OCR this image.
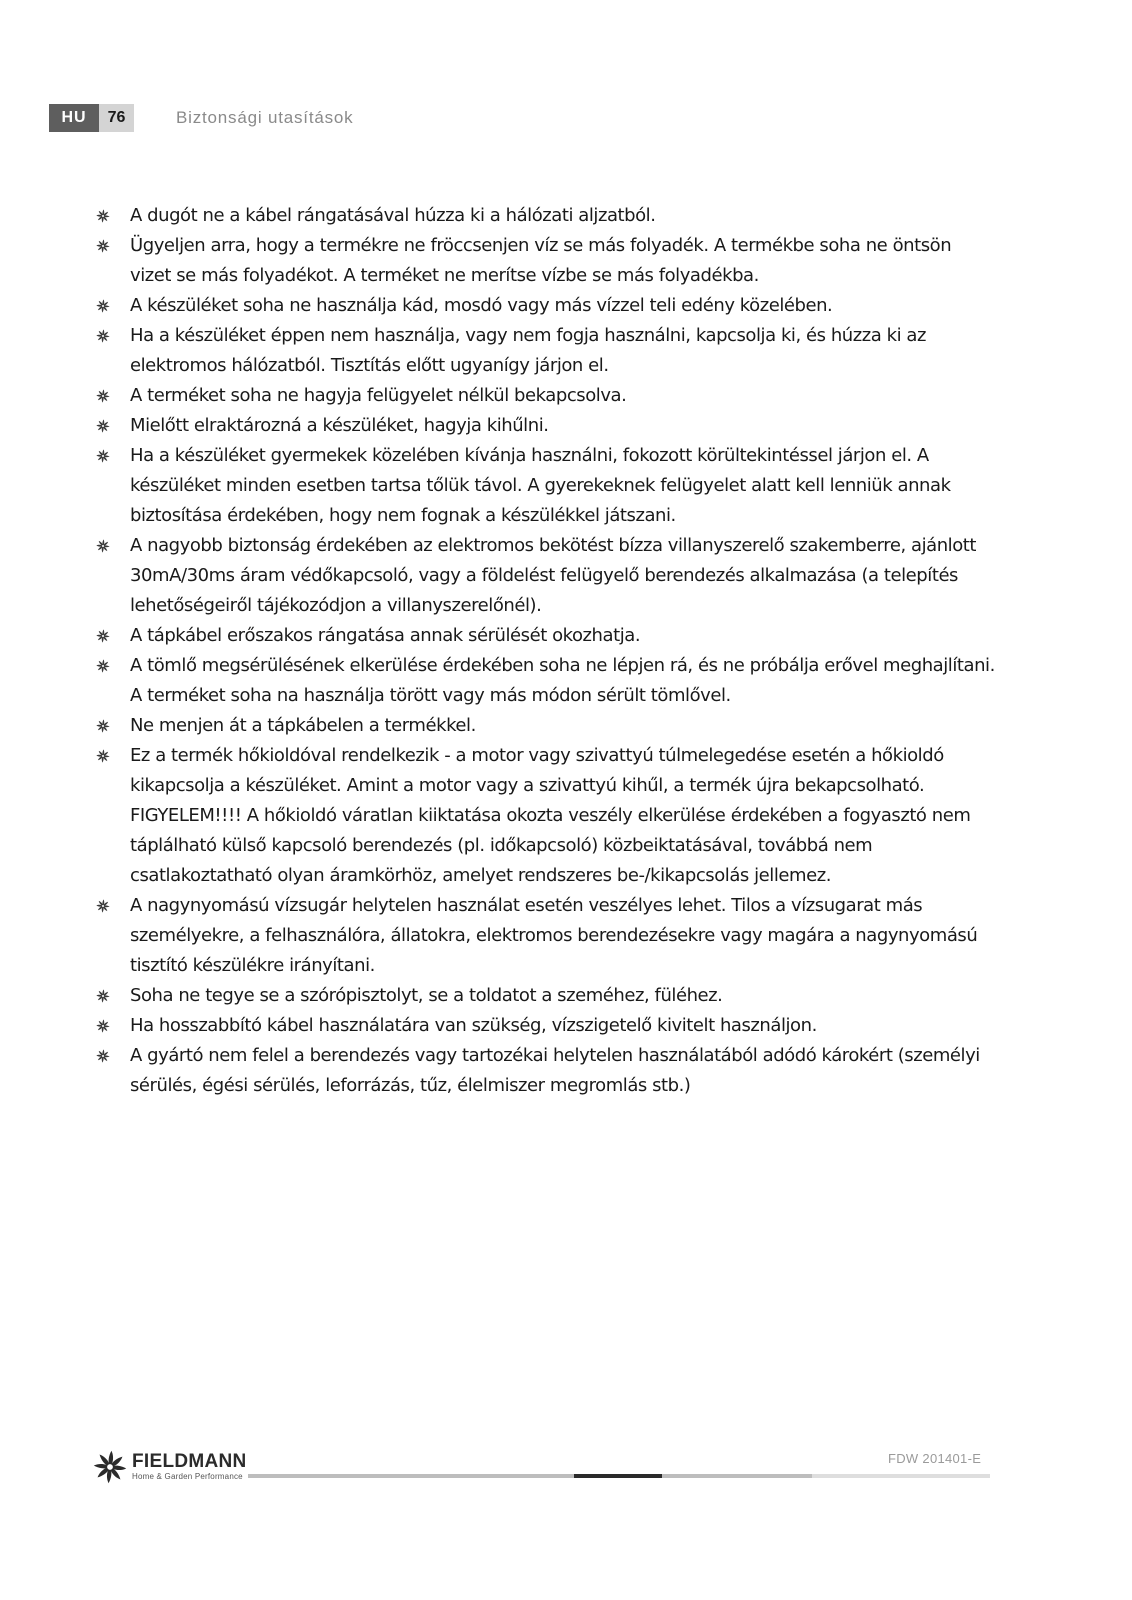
HU	76	Biztonsági utasítások
A dugót ne a kábel rángatásával húzza ki a hálózati aljzatból.
Ügyeljen arra, hogy a termékre ne fröccsenjen víz se más folyadék. A termékbe soha ne öntsön vizet se más folyadékot. A terméket ne merítse vízbe se más folyadékba.
A készüléket soha ne használja kád, mosdó vagy más vízzel teli edény közelében.
Ha a készüléket éppen nem használja, vagy nem fogja használni, kapcsolja ki, és húzza ki az elektromos hálózatból. Tisztítás előtt ugyanígy járjon el.
A terméket soha ne hagyja felügyelet nélkül bekapcsolva.
Mielőtt elraktározná a készüléket, hagyja kihűlni.
Ha a készüléket gyermekek közelében kívánja használni, fokozott körültekintéssel járjon el. A készüléket minden esetben tartsa tőlük távol. A gyerekeknek felügyelet alatt kell lenniük annak biztosítása érdekében, hogy nem fognak a készülékkel játszani.
A nagyobb biztonság érdekében az elektromos bekötést bízza villanyszerelő szakemberre, ajánlott 30mA/30ms áram védőkapcsoló, vagy a földelést felügyelő berendezés alkalmazása (a telepítés lehetőségeiről tájékozódjon a villanyszerelőnél).
A tápkábel erőszakos rángatása annak sérülését okozhatja.
A tömlő megsérülésének elkerülése érdekében soha ne lépjen rá, és ne próbálja erővel meghajlítani. A terméket soha na használja törött vagy más módon sérült tömlővel.
Ne menjen át a tápkábelen a termékkel.
Ez a termék hőkioldóval rendelkezik - a motor vagy szivattyú túlmelegedése esetén a hőkioldó kikapcsolja a készüléket. Amint a motor vagy a szivattyú kihűl, a termék újra bekapcsolható. FIGYELEM!!!! A hőkioldó váratlan kiiktatása okozta veszély elkerülése érdekében a fogyasztó nem táplálható külső kapcsoló berendezés (pl. időkapcsoló) közbeiktatásával, továbbá nem csatlakoztatható olyan áramkörhöz, amelyet rendszeres be-/kikapcsolás jellemez.
A nagynyomású vízsugár helytelen használat esetén veszélyes lehet. Tilos a vízsugarat más személyekre, a felhasználóra, állatokra, elektromos berendezésekre vagy magára a nagynyomású tisztító készülékre irányítani.
Soha ne tegye se a szórópisztolyt, se a toldatot a szeméhez, füléhez.
Ha hosszabbító kábel használatára van szükség, vízszigetelő kivitelt használjon.
A gyártó nem felel a berendezés vagy tartozékai helytelen használatából adódó károkért (személyi sérülés, égési sérülés, leforrázás, tűz, élelmiszer megromlás stb.)
FIELDMANN
Home & Garden Performance
FDW 201401-E
